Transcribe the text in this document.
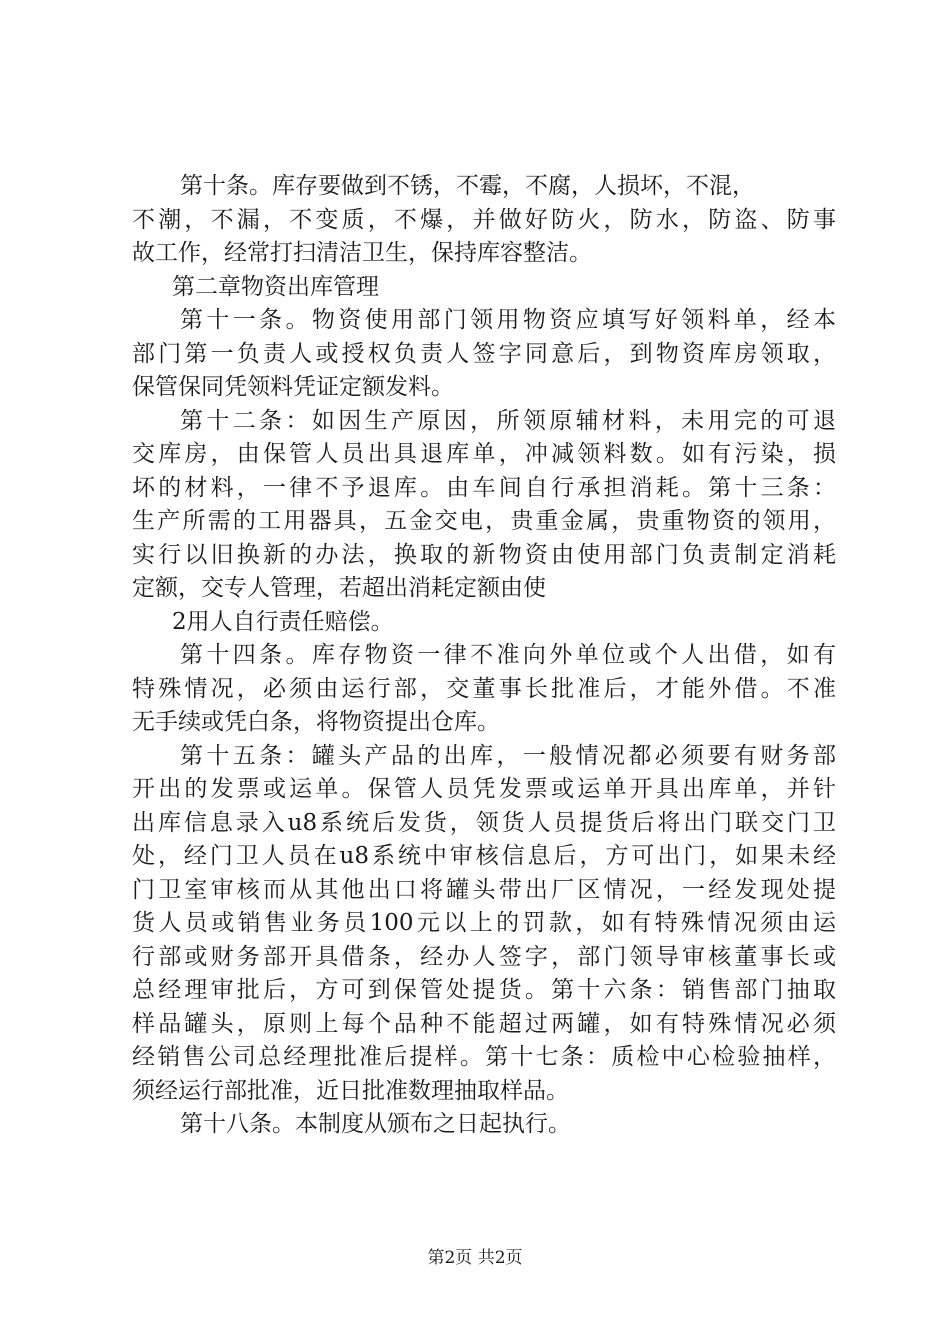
第十条。库存要做到不锈，不霉，不腐，人损坏，不混，
不潮，不漏，不变质，不爆，并做好防火，防水，防盗、防事
故工作，经常打扫清洁卫生，保持库容整洁。
第二章物资出库管理
第十一条。物资使用部门领用物资应填写好领料单，经本
部门第一负责人或授权负责人签字同意后，到物资库房领取，
保管保同凭领料凭证定额发料。
第十二条：如因生产原因，所领原辅材料，未用完的可退
交库房，由保管人员出具退库单，冲减领料数。如有污染，损
坏的材料，一律不予退库。由车间自行承担消耗。第十三条：
生产所需的工用器具，五金交电，贵重金属，贵重物资的领用，
实行以旧换新的办法，换取的新物资由使用部门负责制定消耗
定额，交专人管理，若超出消耗定额由使
2用人自行责任赔偿。
第十四条。库存物资一律不准向外单位或个人出借，如有
特殊情况，必须由运行部，交董事长批准后，才能外借。不准
无手续或凭白条，将物资提出仓库。
第十五条：罐头产品的出库，一般情况都必须要有财务部
开出的发票或运单。保管人员凭发票或运单开具出库单，并针
出库信息录入u8系统后发货，领货人员提货后将出门联交门卫
处，经门卫人员在u8系统中审核信息后，方可出门，如果未经
门卫室审核而从其他出口将罐头带出厂区情况，一经发现处提
货人员或销售业务员100元以上的罚款，如有特殊情况须由运
行部或财务部开具借条，经办人签字，部门领导审核董事长或
总经理审批后，方可到保管处提货。第十六条：销售部门抽取
样品罐头，原则上每个品种不能超过两罐，如有特殊情况必须
经销售公司总经理批准后提样。第十七条：质检中心检验抽样，
须经运行部批准，近日批准数理抽取样品。
第十八条。本制度从颁布之日起执行。
第2页 共2页
